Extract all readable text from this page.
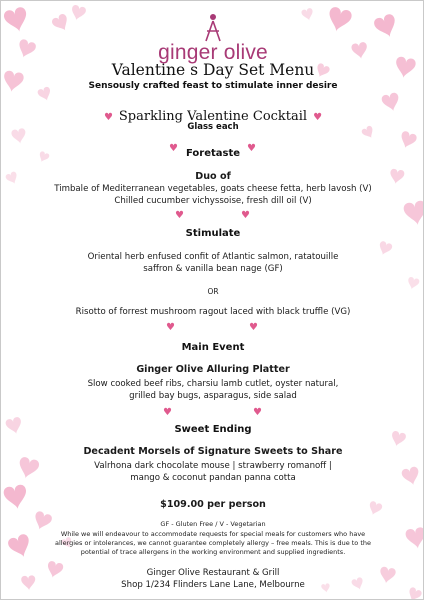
ginger olive
Valentine s Day Set Menu
Sensously crafted feast to stimulate inner desire
♥ Sparkling Valentine Cocktail ♥
Glass each
♥	♥
Foretaste
Duo of
Timbale of Mediterranean vegetables, goats cheese fetta, herb lavosh (V)
Chilled cucumber vichyssoise, fresh dill oil (V)
♥	♥
Stimulate
Oriental herb enfused confit of Atlantic salmon, ratatouille
saffron & vanilla bean nage (GF)
OR
Risotto of forrest mushroom ragout laced with black truffle (VG)
♥	♥
Main Event
Ginger Olive Alluring Platter
Slow cooked beef ribs, charsiu lamb cutlet, oyster natural,
grilled bay bugs, asparagus, side salad
♥	♥
Sweet Ending
Decadent Morsels of Signature Sweets to Share
Valrhona dark chocolate mouse | strawberry romanoff |
mango & coconut pandan panna cotta
$109.00 per person
GF - Gluten Free / V - Vegetarian
While we will endeavour to accommodate requests for special meals for customers who have
allergies or intolerances, we cannot guarantee completely allergy – free meals. This is due to the
potential of trace allergens in the working environment and supplied ingredients.
Ginger Olive Restaurant & Grill
Shop 1/234 Flinders Lane Lane, Melbourne
